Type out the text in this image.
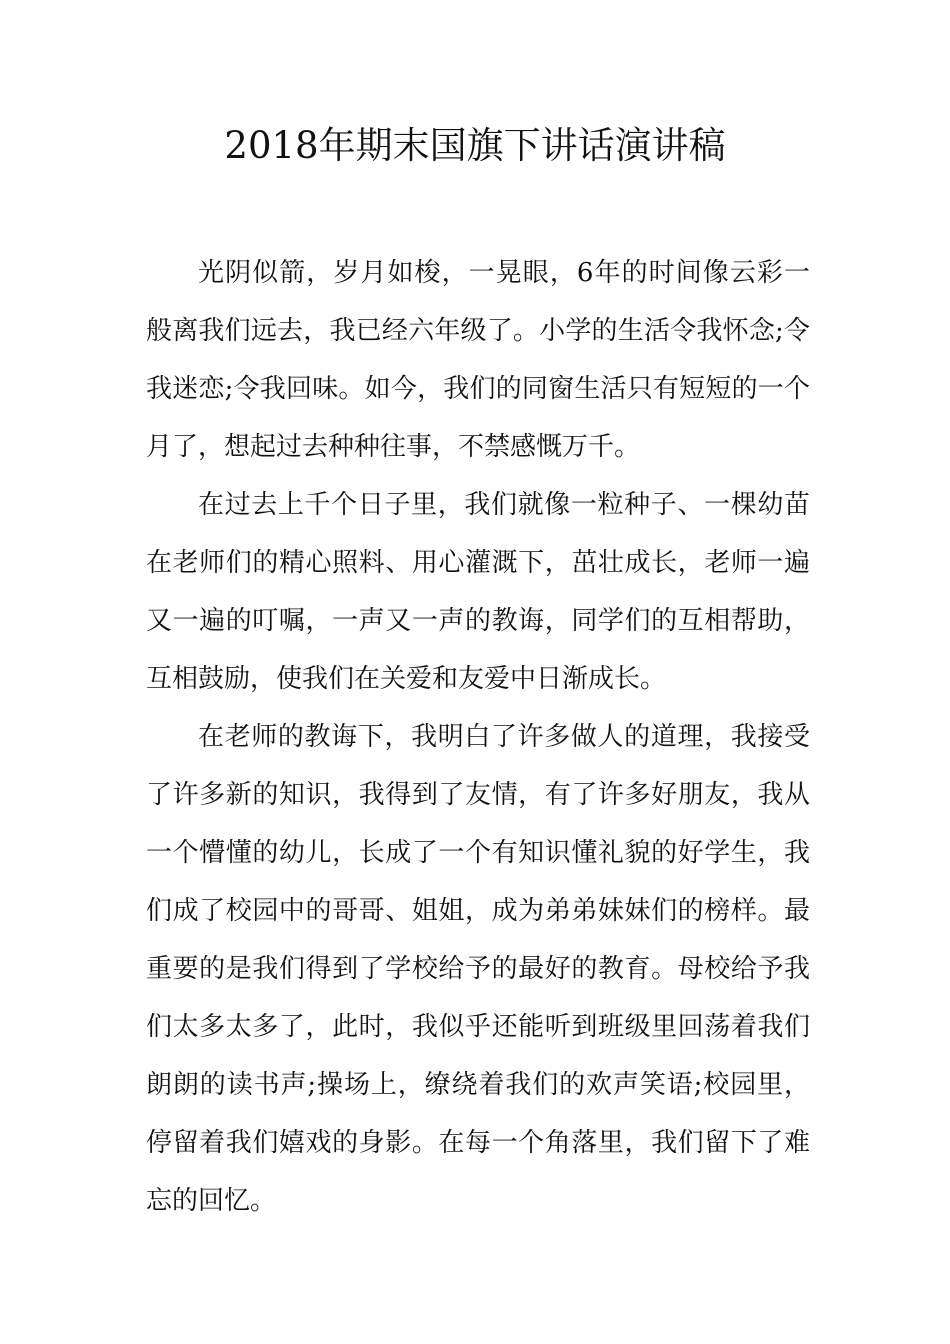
2018年期末国旗下讲话演讲稿

光阴似箭，岁月如梭，一晃眼，6年的时间像云彩一般离我们远去，我已经六年级了。小学的生活令我怀念;令我迷恋;令我回味。如今，我们的同窗生活只有短短的一个月了，想起过去种种往事，不禁感慨万千。

在过去上千个日子里，我们就像一粒种子、一棵幼苗在老师们的精心照料、用心灌溉下，茁壮成长，老师一遍又一遍的叮嘱，一声又一声的教诲，同学们的互相帮助，互相鼓励，使我们在关爱和友爱中日渐成长。

在老师的教诲下，我明白了许多做人的道理，我接受了许多新的知识，我得到了友情，有了许多好朋友，我从一个懵懂的幼儿，长成了一个有知识懂礼貌的好学生，我们成了校园中的哥哥、姐姐，成为弟弟妹妹们的榜样。最重要的是我们得到了学校给予的最好的教育。母校给予我们太多太多了，此时，我似乎还能听到班级里回荡着我们朗朗的读书声;操场上，缭绕着我们的欢声笑语;校园里，停留着我们嬉戏的身影。在每一个角落里，我们留下了难忘的回忆。
